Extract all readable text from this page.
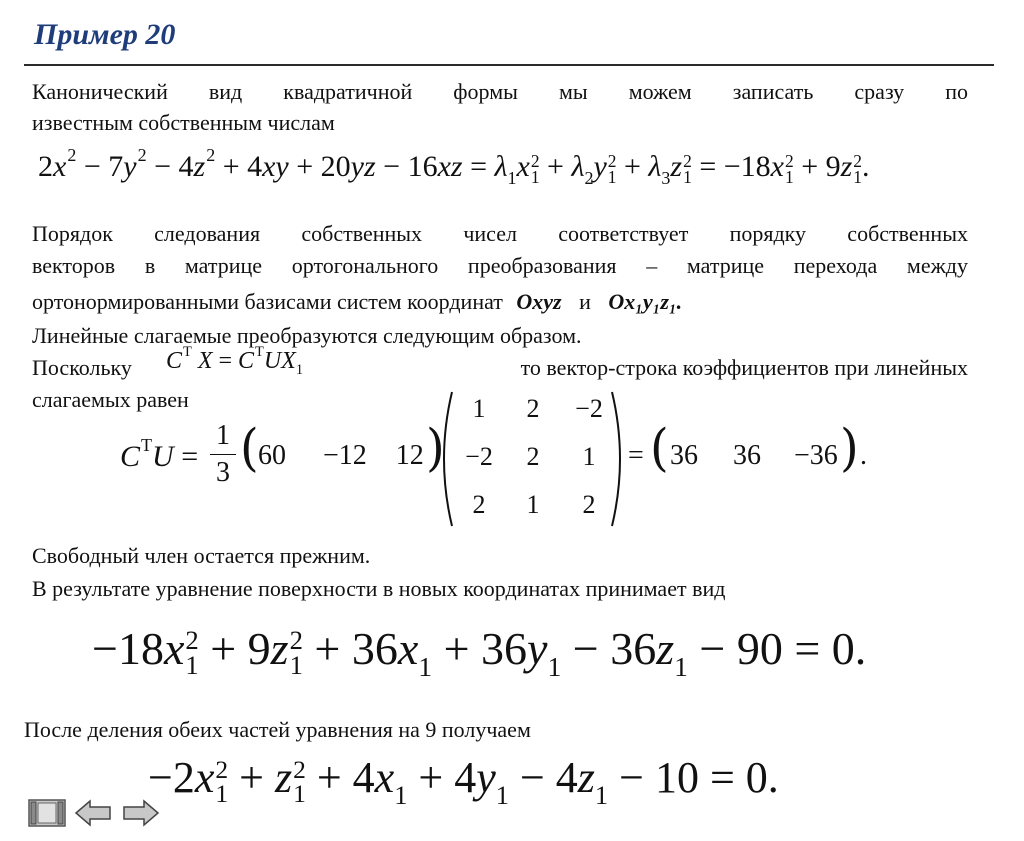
Пример 20
Канонический вид квадратичной формы мы можем записать сразу по
известным собственным числам
$2x^2 - 7y^2 - 4z^2 + 4xy + 20yz - 16xz = \lambda_1x$ 2
$1 + \lambda_2y$ 2
$1 + \lambda_3z$ 2
1 = −18x 2
1 + 9z 2
1 .
Порядок следования собственных чисел соответствует порядку собственных
векторов в матрице ортогонального преобразования – матрице перехода между
ортонормированными базисами систем координат Oxyz и Ox₁y₁z₁.
Линейные слагаемые преобразуются следующим образом.
Поскольку $C^T$ $X = C^TUX_1$	то вектор-строка коэффициентов при линейных
слагаемых равен
$C^TU$ =
1
3 ( 60 −12 12 )
1	2	−2
−2	2	1
2	1	2
= ( 36 36 −36 ) .
Свободный член остается прежним.
В результате уравнение поверхности в новых координатах принимает вид
−18x 2
1 + 9z 2
$1 + 36x_1 + 36y_1 - 36z_1 - 90 = 0$.
После деления обеих частей уравнения на 9 получаем
−2x 2
1 + z 2
$1 + 4x_1 + 4y_1 - 4z_1 - 10 = 0$.
